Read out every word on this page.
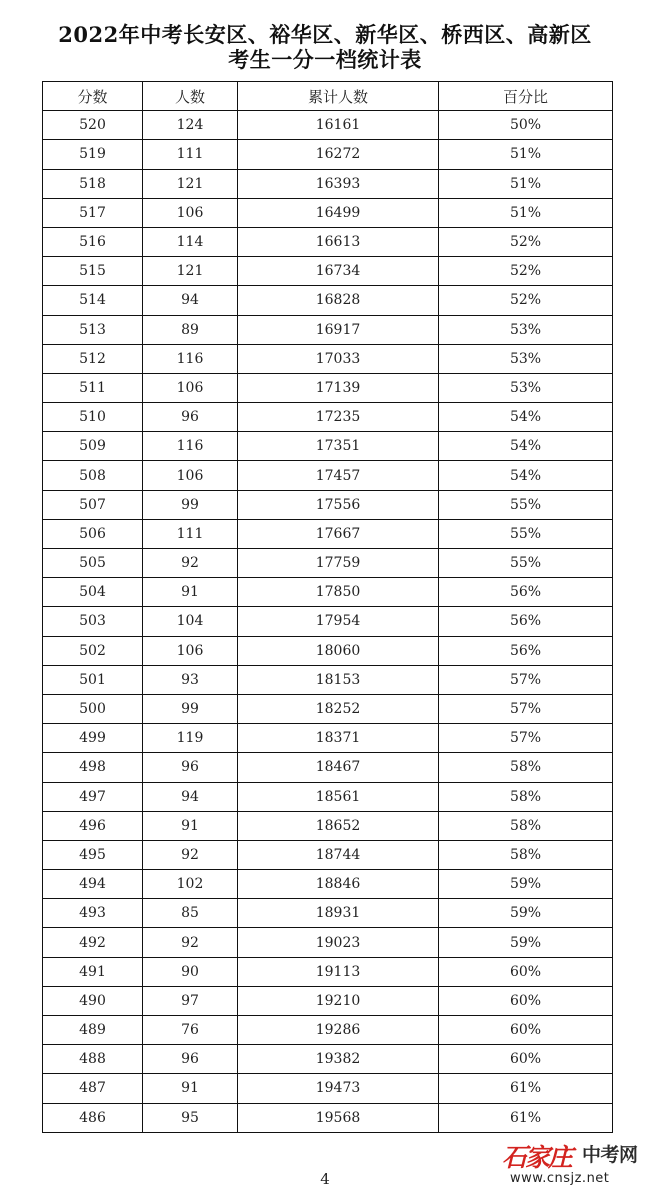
2022年中考长安区、裕华区、新华区、桥西区、高新区
考生一分一档统计表
分数	人数	累计人数	百分比
520	124	16161	50%
519	111	16272	51%
518	121	16393	51%
517	106	16499	51%
516	114	16613	52%
515	121	16734	52%
514	94	16828	52%
513	89	16917	53%
512	116	17033	53%
511	106	17139	53%
510	96	17235	54%
509	116	17351	54%
508	106	17457	54%
507	99	17556	55%
506	111	17667	55%
505	92	17759	55%
504	91	17850	56%
503	104	17954	56%
502	106	18060	56%
501	93	18153	57%
500	99	18252	57%
499	119	18371	57%
498	96	18467	58%
497	94	18561	58%
496	91	18652	58%
495	92	18744	58%
494	102	18846	59%
493	85	18931	59%
492	92	19023	59%
491	90	19113	60%
490	97	19210	60%
489	76	19286	60%
488	96	19382	60%
487	91	19473	61%
486	95	19568	61%
4
石家庄 中考网
www.cnsjz.net
